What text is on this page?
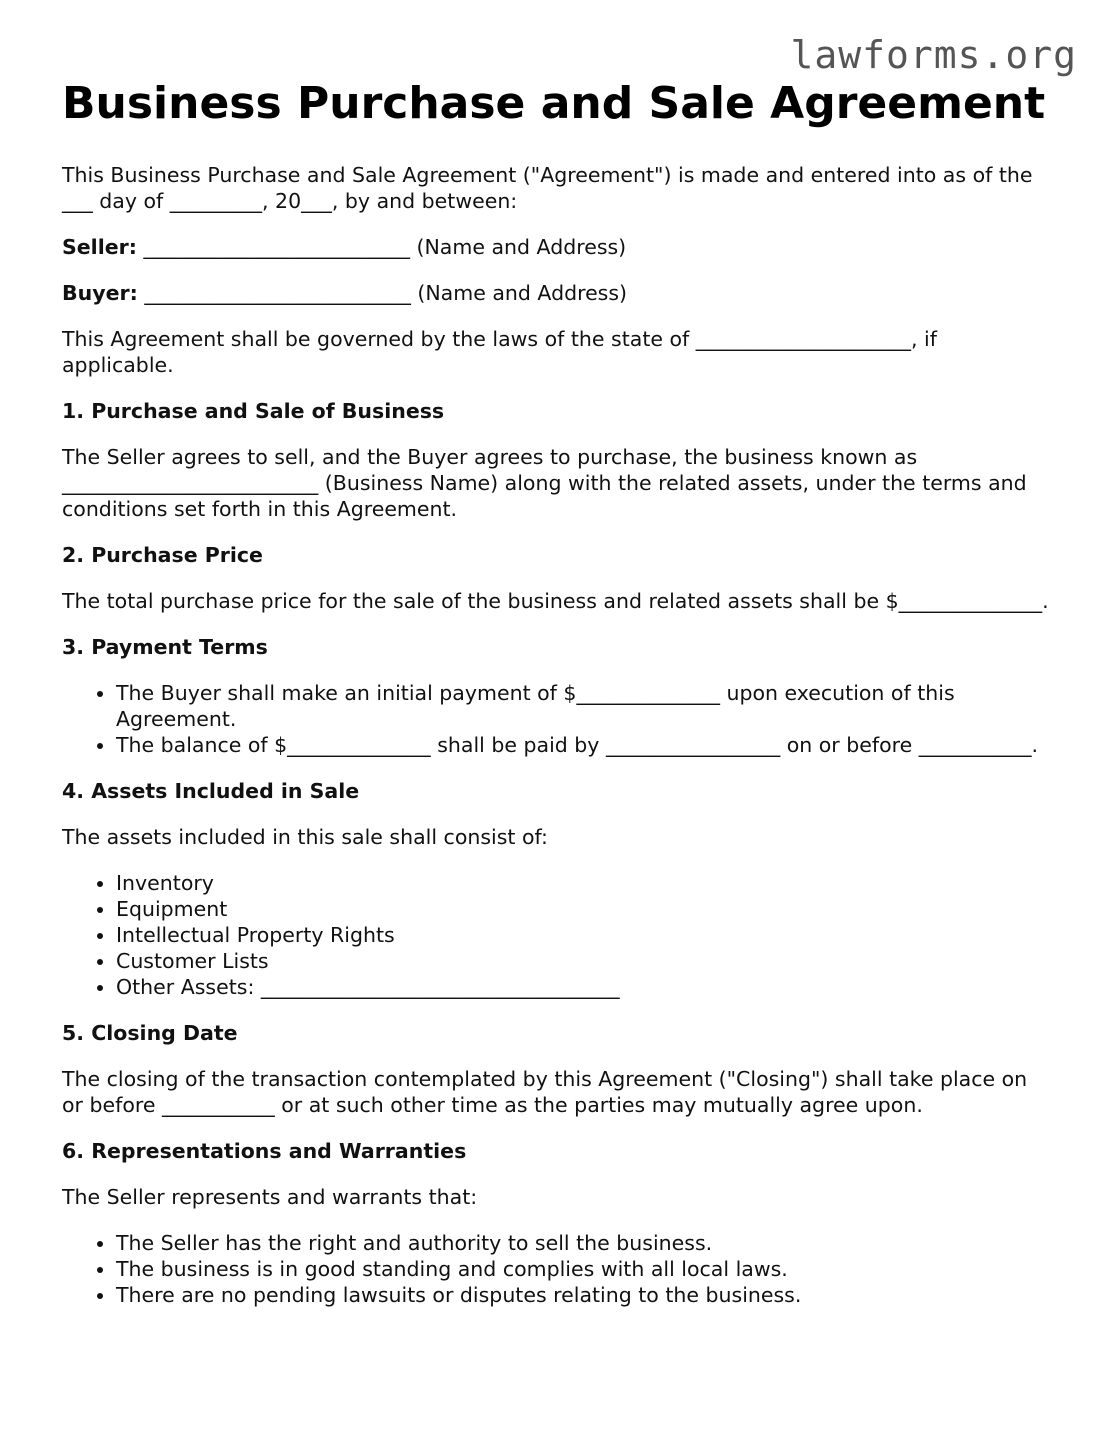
lawforms.org
Business Purchase and Sale Agreement

This Business Purchase and Sale Agreement ("Agreement") is made and entered into as of the ___ day of _________, 20___, by and between:

Seller: __________________________ (Name and Address)

Buyer: __________________________ (Name and Address)

This Agreement shall be governed by the laws of the state of _____________________, if applicable.

1. Purchase and Sale of Business

The Seller agrees to sell, and the Buyer agrees to purchase, the business known as _________________________ (Business Name) along with the related assets, under the terms and conditions set forth in this Agreement.

2. Purchase Price

The total purchase price for the sale of the business and related assets shall be $______________.

3. Payment Terms
• The Buyer shall make an initial payment of $______________ upon execution of this Agreement.
• The balance of $______________ shall be paid by _________________ on or before ___________.
4. Assets Included in Sale

The assets included in this sale shall consist of:

• Inventory
• Equipment
• Intellectual Property Rights
• Customer Lists
• Other Assets: ___________________________________
5. Closing Date

The closing of the transaction contemplated by this Agreement ("Closing") shall take place on or before ___________ or at such other time as the parties may mutually agree upon.

6. Representations and Warranties

The Seller represents and warrants that:

• The Seller has the right and authority to sell the business.
• The business is in good standing and complies with all local laws.
• There are no pending lawsuits or disputes relating to the business.
